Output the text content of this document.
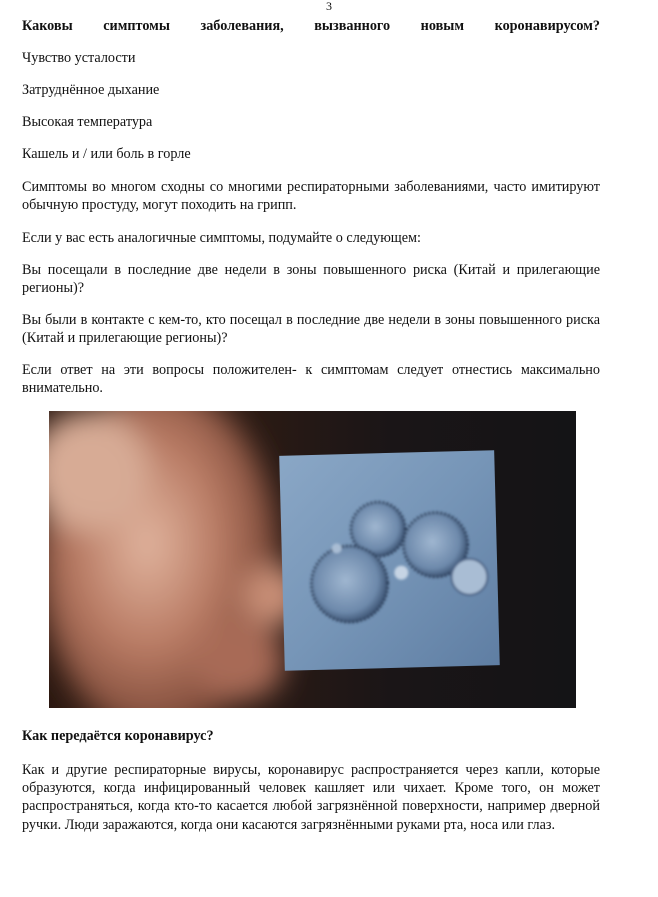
3

Каковы симптомы заболевания, вызванного новым коронавирусом?

Чувство усталости

Затруднённое дыхание

Высокая температура

Кашель и / или боль в горле

Симптомы во многом сходны со многими респираторными заболеваниями, часто имитируют обычную простуду, могут походить на грипп.

Если у вас есть аналогичные симптомы, подумайте о следующем:

Вы посещали в последние две недели в зоны повышенного риска (Китай и прилегающие регионы)?

Вы были в контакте с кем-то, кто посещал в последние две недели в зоны повышенного риска (Китай и прилегающие регионы)?

Если ответ на эти вопросы положителен- к симптомам следует отнестись максимально внимательно.

Как передаётся коронавирус?

Как и другие респираторные вирусы, коронавирус распространяется через капли, которые образуются, когда инфицированный человек кашляет или чихает. Кроме того, он может распространяться, когда кто-то касается любой загрязнённой поверхности, например дверной ручки. Люди заражаются, когда они касаются загрязнёнными руками рта, носа или глаз.
